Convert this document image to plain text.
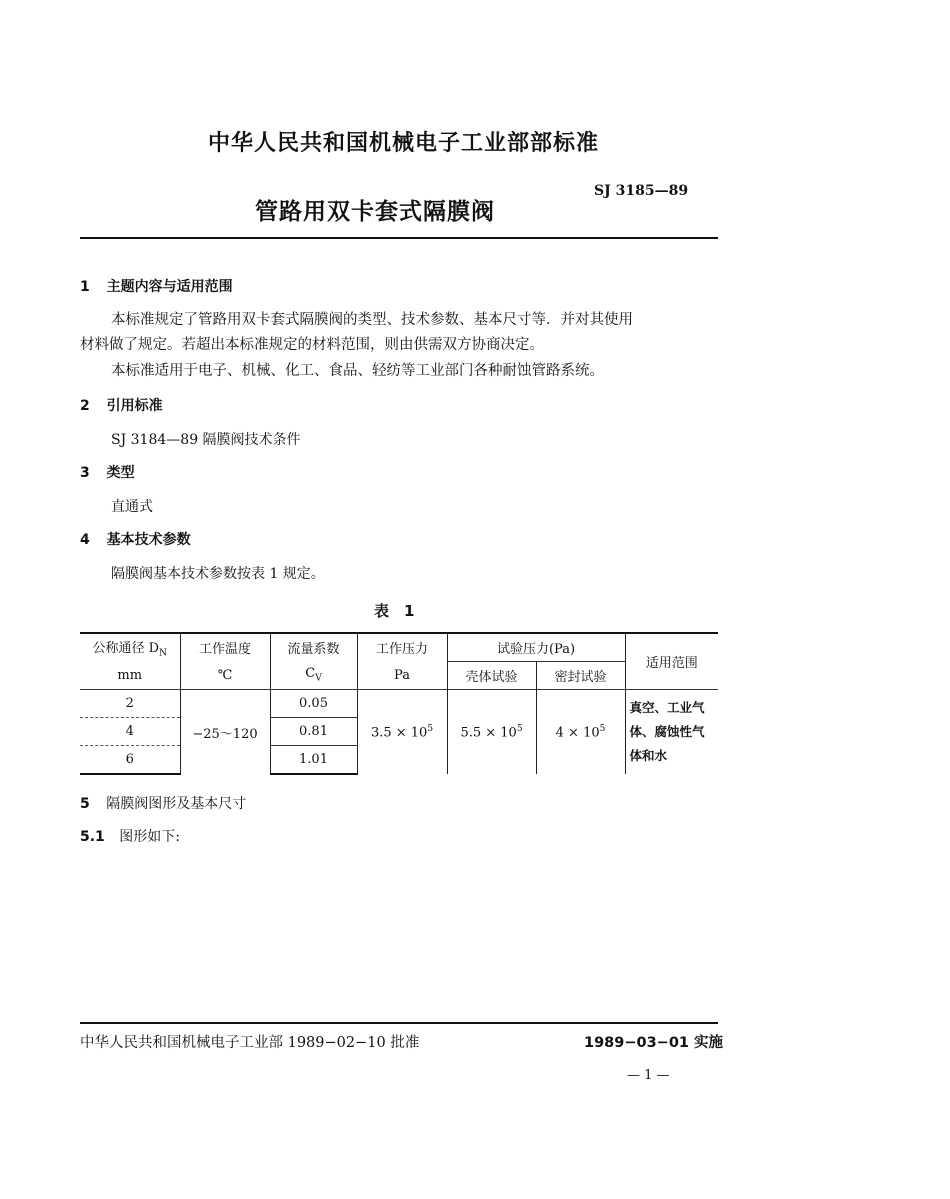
中华人民共和国机械电子工业部部标准
管路用双卡套式隔膜阀
SJ 3185—89
1 主题内容与适用范围
本标准规定了管路用双卡套式隔膜阀的类型、技术参数、基本尺寸等．并对其使用
材料做了规定。若超出本标准规定的材料范围，则由供需双方协商决定。
本标准适用于电子、机械、化工、食品、轻纺等工业部门各种耐蚀管路系统。
2 引用标准
SJ 3184—89 隔膜阀技术条件
3 类型
直通式
4 基本技术参数
隔膜阀基本技术参数按表 1 规定。
表　1
公称通径 $D_N$	工作温度	流量系数	工作压力	试验压力(Pa)		适用范围
mm	℃	$C_V$	Pa	壳体试验	密封试验	
2	−25～120	0.05	$3.5 \times 10^5$	$5.5 \times 10^5$	$4 \times 10^5$	真空、工业气
体、腐蚀性气
体和水

4		0.81				
6		1.01				
5 隔膜阀图形及基本尺寸
5.1 图形如下:
中华人民共和国机械电子工业部 1989−02−10 批准	1989−03−01 实施
— 1 —
